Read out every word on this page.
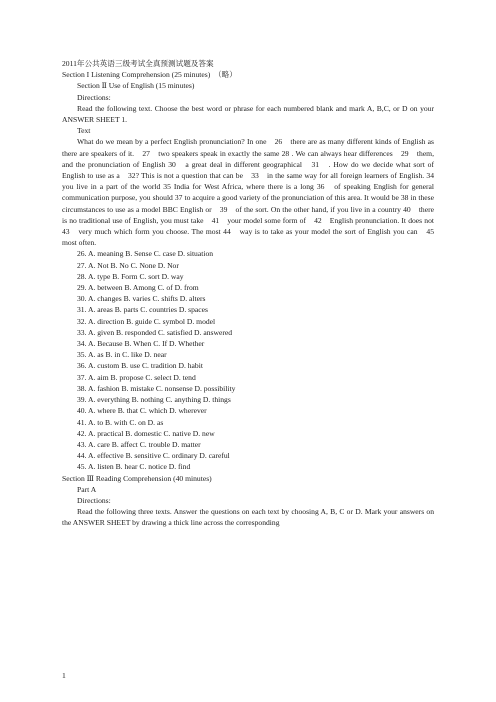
2011年公共英语三级考试全真预测试题及答案
Section I Listening Comprehension (25 minutes)　（略）
Section Ⅱ Use of English (15 minutes)
Directions:

Read the following text. Choose the best word or phrase for each numbered blank and mark A, B,C, or D on your ANSWER SHEET 1.

Text

What do we mean by a perfect English pronunciation? In one　26　there are as many different kinds of English as there are speakers of it.　27　two speakers speak in exactly the same 28 . We can always hear differences　29　them, and the pronunciation of English 30　a great deal in different geographical　31　. How do we decide what sort of English to use as a　32? This is not a question that can be　33　in the same way for all foreign learners of English. 34 you live in a part of the world 35 India for West Africa, where there is a long 36　of speaking English for general communication purpose, you should 37 to acquire a good variety of the pronunciation of this area. It would be 38 in these circumstances to use as a model BBC English or　39　of the sort. On the other hand, if you live in a country 40　there is no traditional use of English, you must take　41　your model some form of　42　English pronunciation. It does not 43　very much which form you choose. The most 44　way is to take as your model the sort of English you can　45　most often.

26. A. meaning B. Sense C. case D. situation
27. A. Not B. No C. None D. Nor
28. A. type B. Form C. sort D. way
29. A. between B. Among C. of D. from
30. A. changes B. varies C. shifts D. alters
31. A. areas B. parts C. countries D. spaces
32. A. direction B. guide C. symbol D. model
33. A. given B. responded C. satisfied D. answered
34. A. Because B. When C. If D. Whether
35. A. as B. in C. like D. near
36. A. custom B. use C. tradition D. habit
37. A. aim B. propose C. select D. tend
38. A. fashion B. mistake C. nonsense D. possibility
39. A. everything B. nothing C. anything D. things
40. A. where B. that C. which D. wherever
41. A. to B. with C. on D. as
42. A. practical B. domestic C. native D. new
43. A. care B. affect C. trouble D. matter
44. A. effective B. sensitive C. ordinary D. careful
45. A. listen B. hear C. notice D. find
Section Ⅲ Reading Comprehension (40 minutes)
Part A
Directions:

Read the following three texts. Answer the questions on each text by choosing A, B, C or D. Mark your answers on the ANSWER SHEET by drawing a thick line across the corresponding

1
